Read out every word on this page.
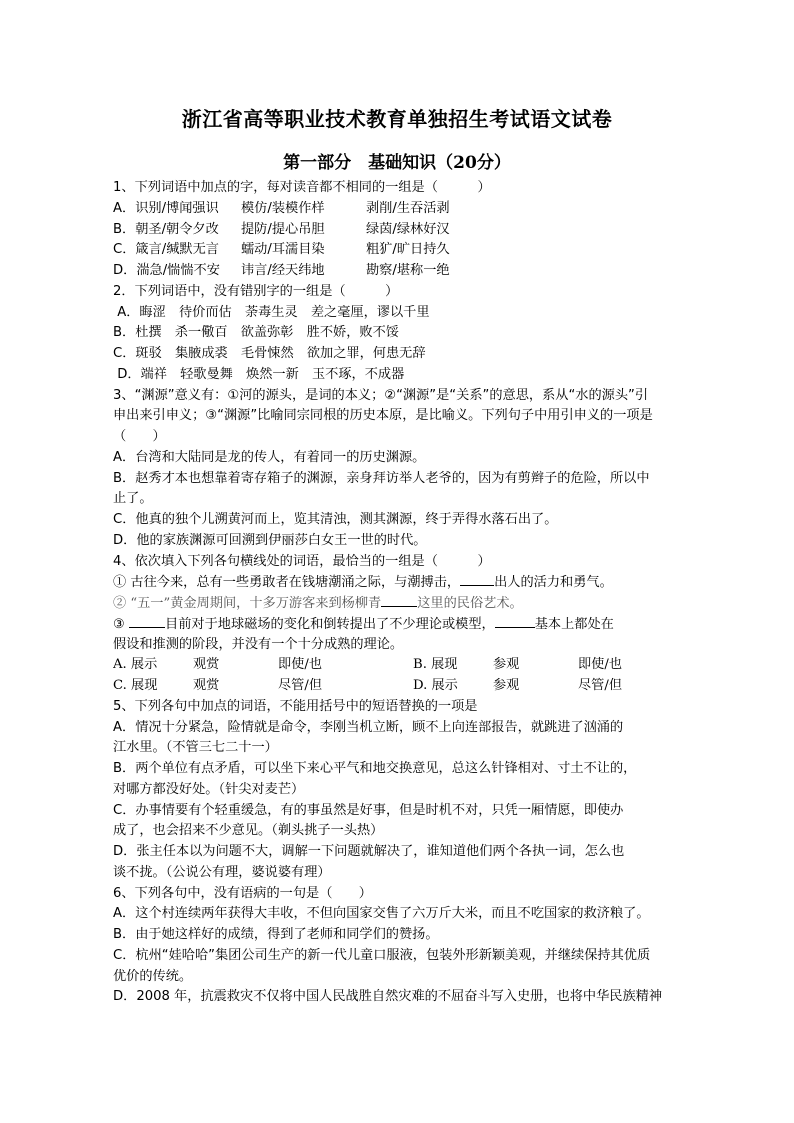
浙江省高等职业技术教育单独招生考试语文试卷
第一部分　基础知识（20分）
1、下列词语中加点的字，每对读音都不相同的一组是（　　　）
A．识别/博闻强识 模仿/装模作样	剥削/生吞活剥
B．朝圣/朝令夕改 提防/提心吊胆	绿茵/绿林好汉
C．箴言/缄默无言 蠕动/耳濡目染	粗犷/旷日持久
D．湍急/惴惴不安 讳言/经天纬地	勘察/堪称一绝
2．下列词语中，没有错别字的一组是（　　　）
A．晦涩　待价而估　荼毒生灵　差之毫厘，谬以千里
B．杜撰　杀一儆百　欲盖弥彰　胜不娇，败不馁
C．斑驳　集腋成裘　毛骨悚然　欲加之罪，何患无辞
D．端祥　轻歌曼舞　焕然一新　玉不琢，不成器
3、“渊源”意义有：①河的源头，是词的本义；②“渊源”是“关系”的意思，系从“水的源头”引
申出来引申义；③“渊源”比喻同宗同根的历史本原，是比喻义。下列句子中用引申义的一项是
（　　）
A．台湾和大陆同是龙的传人，有着同一的历史渊源。
B．赵秀才本也想靠着寄存箱子的渊源，亲身拜访举人老爷的，因为有剪辫子的危险，所以中
止了。
C．他真的独个儿溯黄河而上，览其清浊，测其渊源，终于弄得水落石出了。
D．他的家族渊源可回溯到伊丽莎白女王一世的时代。
4、依次填入下列各句横线处的词语，最恰当的一组是（　　　）
① 古往今来，总有一些勇敢者在钱塘潮涌之际，与潮搏击，	出人的活力和勇气。
② “五一”黄金周期间，十多万游客来到杨柳青	这里的民俗艺术。
③	目前对于地球磁场的变化和倒转提出了不少理论或模型，	基本上都处在
假设和推测的阶段，并没有一个十分成熟的理论。
A. 展示	观赏	即使/也	B. 展现	参观	即使/也
C. 展现	观赏	尽管/但	D. 展示	参观	尽管/但
5、下列各句中加点的词语，不能用括号中的短语替换的一项是
A．情况十分紧急，险情就是命令，李刚当机立断，顾不上向连部报告，就跳进了汹涌的
江水里。（不管三七二十一）
B．两个单位有点矛盾，可以坐下来心平气和地交换意见，总这么针锋相对、寸土不让的，
对哪方都没好处。（针尖对麦芒）
C．办事情要有个轻重缓急，有的事虽然是好事，但是时机不对，只凭一厢情愿，即使办
成了，也会招来不少意见。（剃头挑子一头热）
D．张主任本以为问题不大，调解一下问题就解决了，谁知道他们两个各执一词，怎么也
谈不拢。（公说公有理，婆说婆有理）
6、下列各句中，没有语病的一句是（　　）
A．这个村连续两年获得大丰收，不但向国家交售了六万斤大米，而且不吃国家的救济粮了。
B．由于她这样好的成绩，得到了老师和同学们的赞扬。
C．杭州“娃哈哈”集团公司生产的新一代儿童口服液，包装外形新颖美观，并继续保持其优质
优价的传统。
D．2008 年，抗震救灾不仅将中国人民战胜自然灾难的不屈奋斗写入史册，也将中华民族精神
